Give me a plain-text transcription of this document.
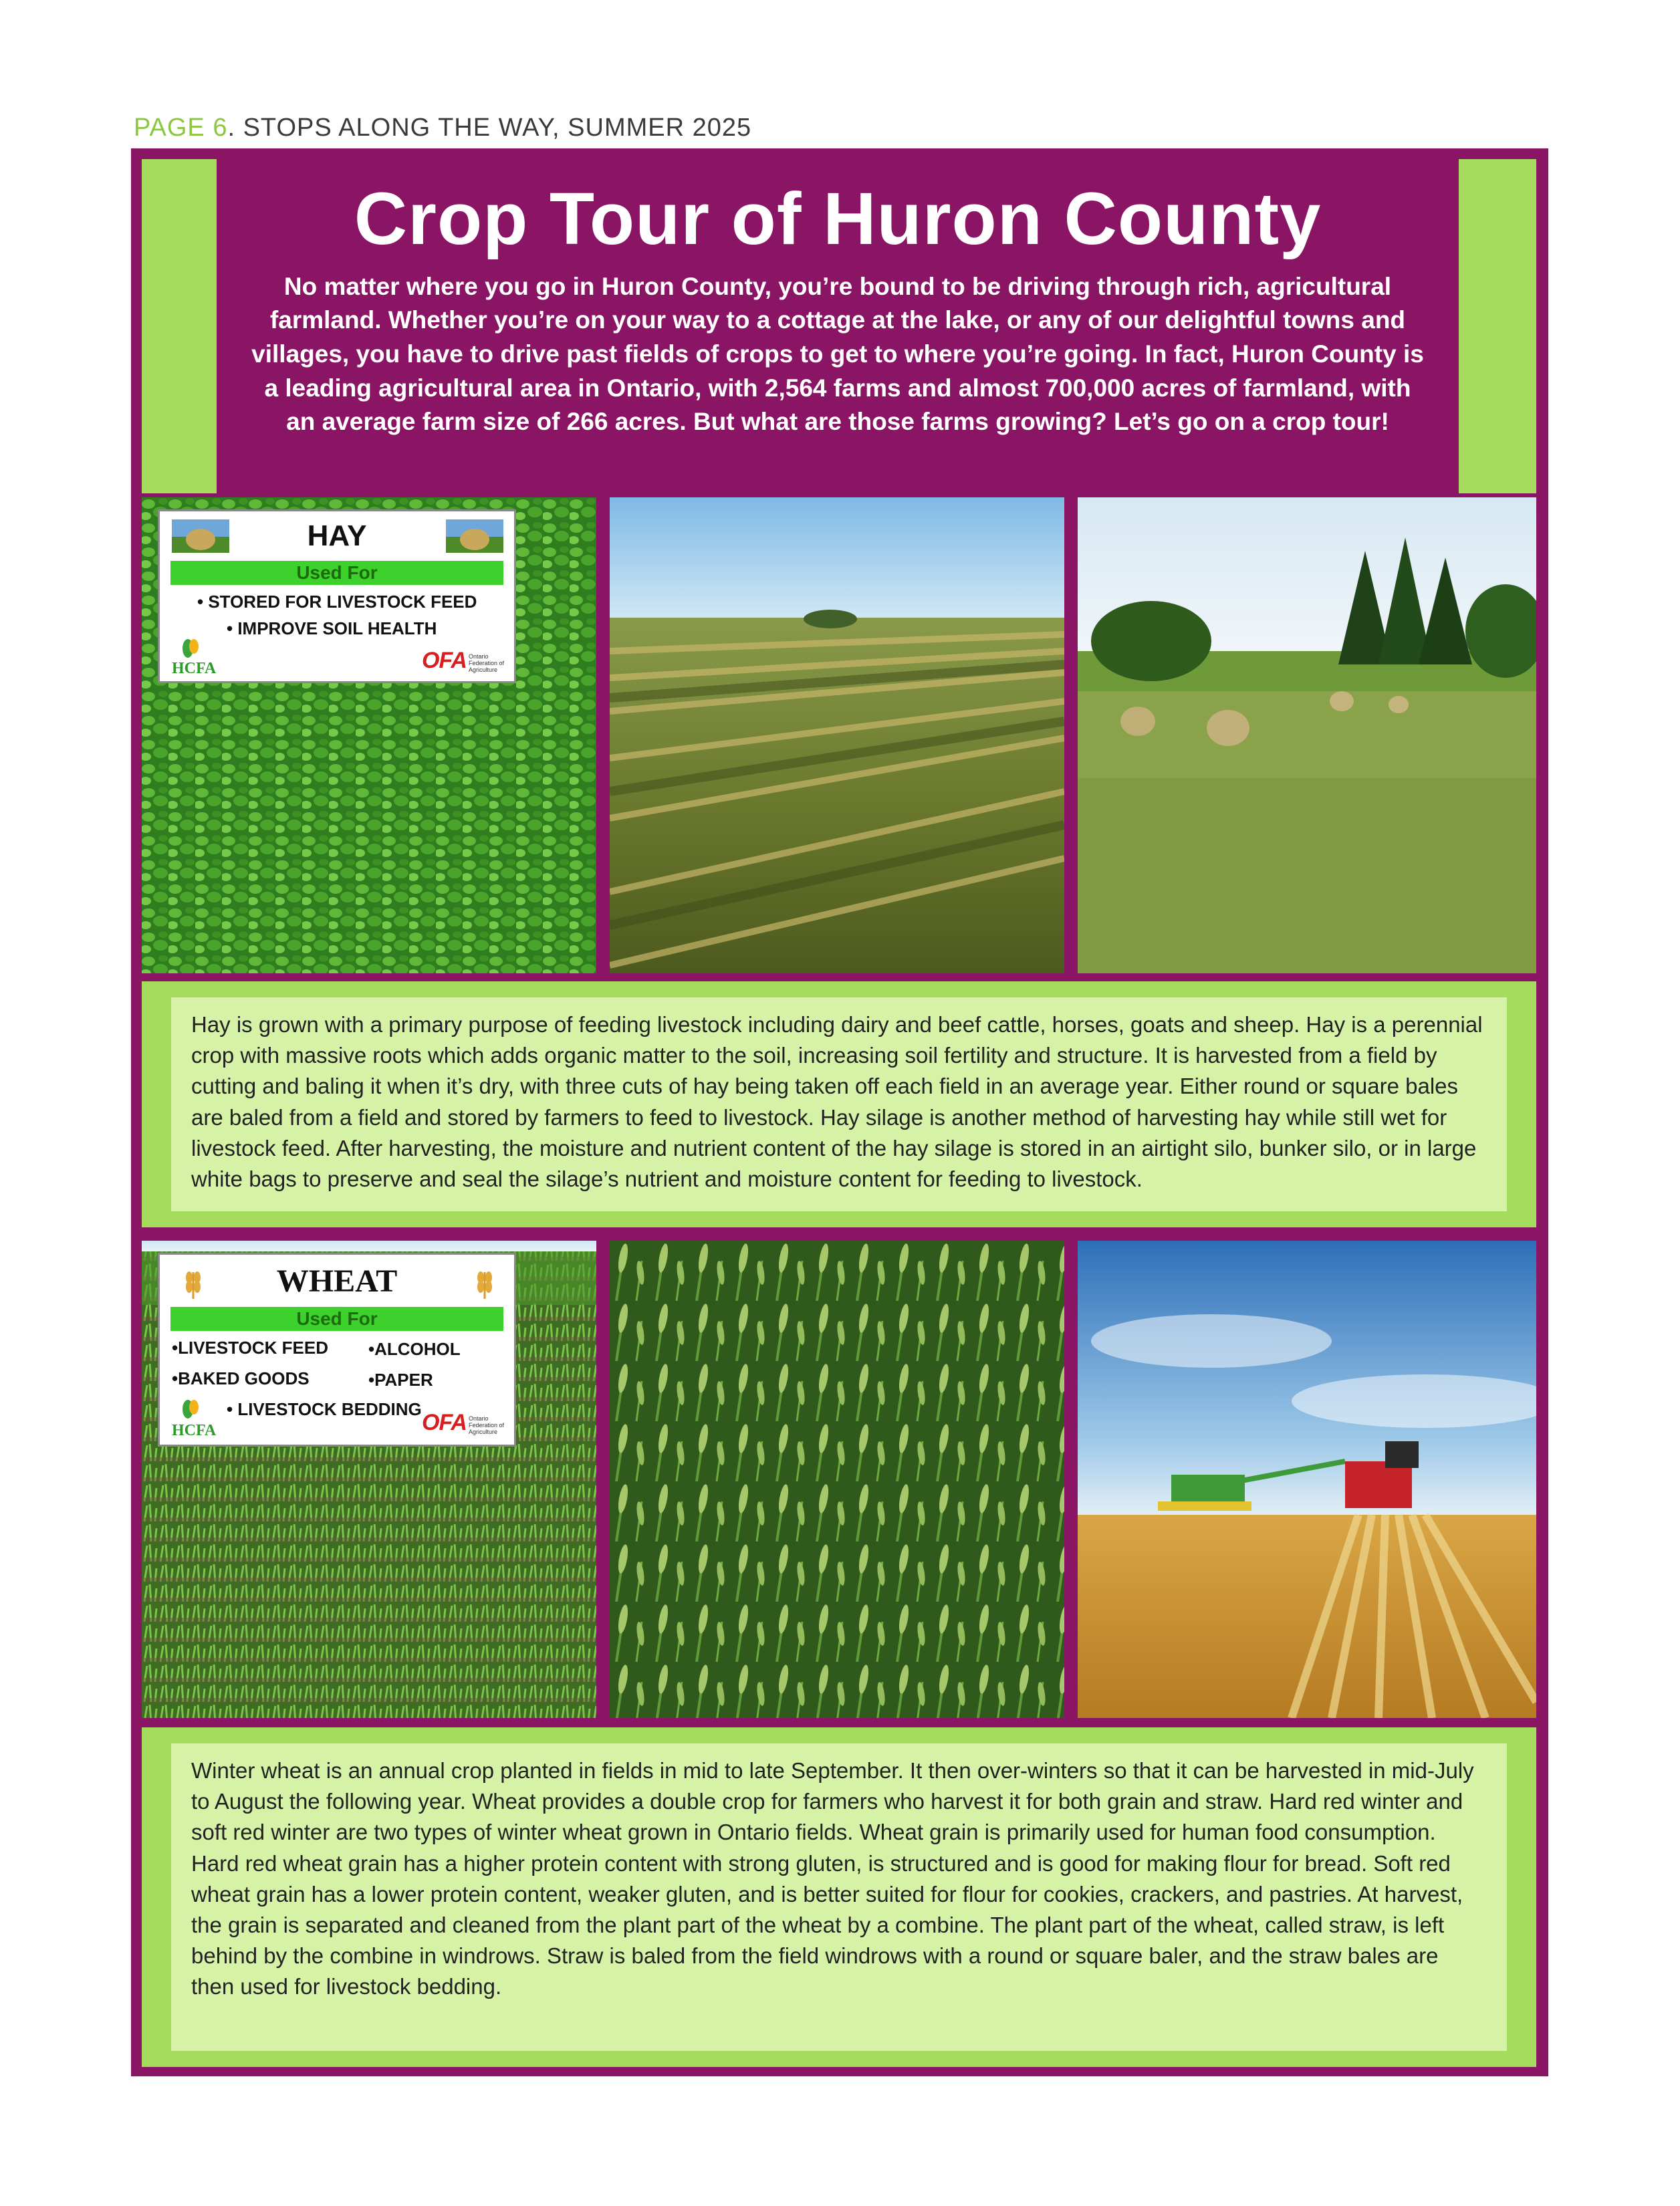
PAGE 6. STOPS ALONG THE WAY, SUMMER 2025
Crop Tour of Huron County

No matter where you go in Huron County, you’re bound to be driving through rich, agricultural farmland. Whether you’re on your way to a cottage at the lake, or any of our delightful towns and villages, you have to drive past fields of crops to get to where you’re going. In fact, Huron County is a leading agricultural area in Ontario, with 2,564 farms and almost 700,000 acres of farmland, with an average farm size of 266 acres. But what are those farms growing? Let’s go on a crop tour!

HAY
Used For
• STORED FOR LIVESTOCK FEED
• IMPROVE SOIL HEALTH
HCFA	OFA Ontario Federation of Agriculture
Hay is grown with a primary purpose of feeding livestock including dairy and beef cattle, horses, goats and sheep. Hay is a perennial crop with massive roots which adds organic matter to the soil, increasing soil fertility and structure. It is harvested from a field by cutting and baling it when it’s dry, with three cuts of hay being taken off each field in an average year. Either round or square bales are baled from a field and stored by farmers to feed to livestock. Hay silage is another method of harvesting hay while still wet for livestock feed. After harvesting, the moisture and nutrient content of the hay silage is stored in an airtight silo, bunker silo, or in large white bags to preserve and seal the silage’s nutrient and moisture content for feeding to livestock.
WHEAT
Used For
•LIVESTOCK FEED •ALCOHOL
•BAKED GOODS	•PAPER
• LIVESTOCK BEDDING
HCFA	OFA Ontario Federation of Agriculture
Winter wheat is an annual crop planted in fields in mid to late September. It then over-winters so that it can be harvested in mid-July to August the following year. Wheat provides a double crop for farmers who harvest it for both grain and straw. Hard red winter and soft red winter are two types of winter wheat grown in Ontario fields. Wheat grain is primarily used for human food consumption. Hard red wheat grain has a higher protein content with strong gluten, is structured and is good for making flour for bread. Soft red wheat grain has a lower protein content, weaker gluten, and is better suited for flour for cookies, crackers, and pastries. At harvest, the grain is separated and cleaned from the plant part of the wheat by a combine. The plant part of the wheat, called straw, is left behind by the combine in windrows. Straw is baled from the field windrows with a round or square baler, and the straw bales are then used for livestock bedding.
